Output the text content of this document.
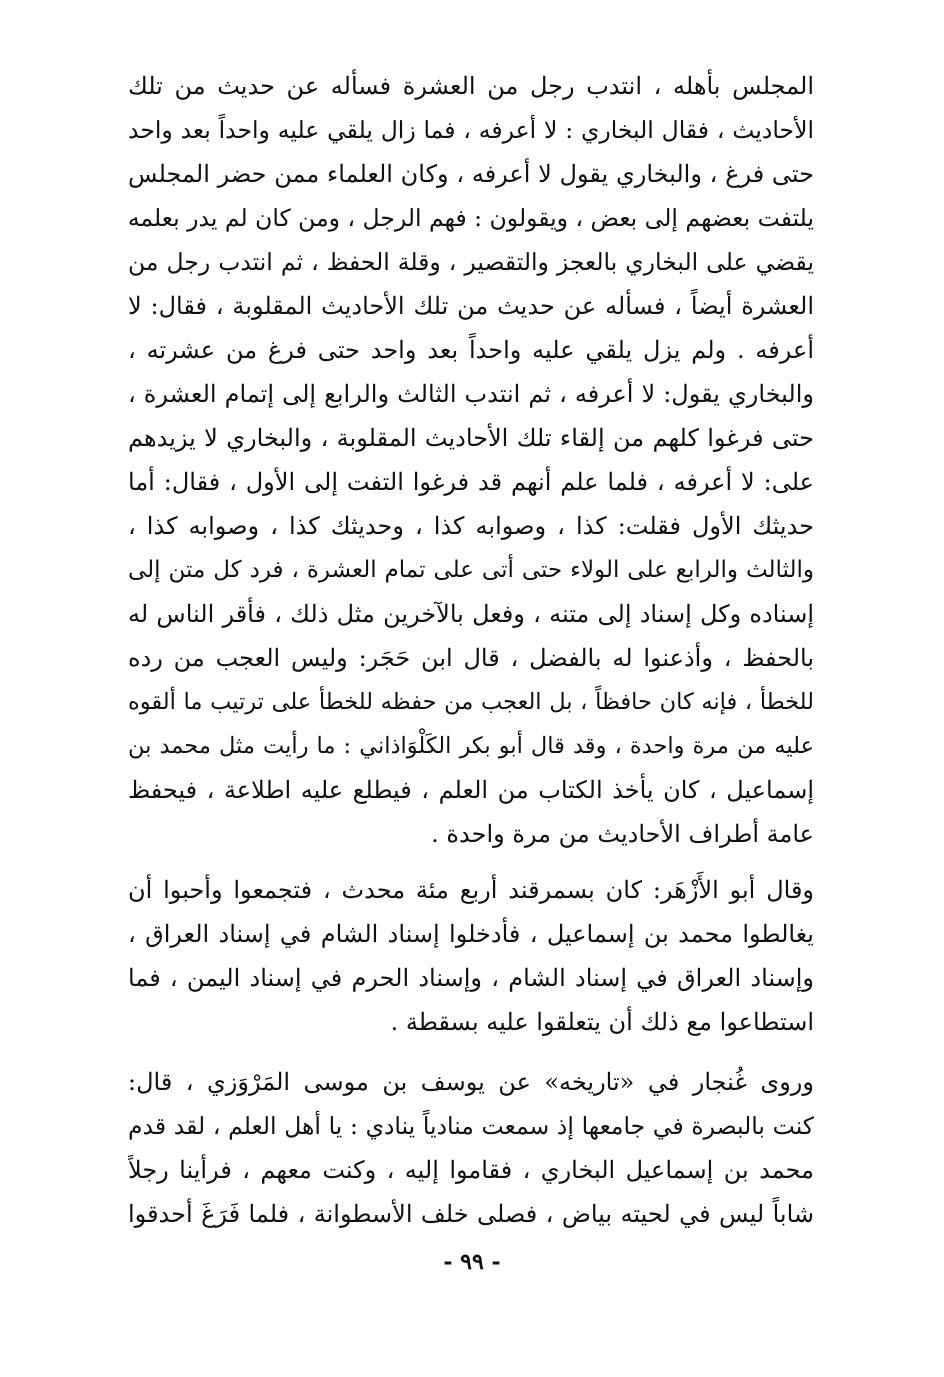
المجلس بأهله ، انتدب رجل من العشرة فسأله عن حديث من تلك
الأحاديث ، فقال البخاري : لا أعرفه ، فما زال يلقي عليه واحداً بعد واحد
حتى فرغ ، والبخاري يقول لا أعرفه ، وكان العلماء ممن حضر المجلس
يلتفت بعضهم إلى بعض ، ويقولون : فهم الرجل ، ومن كان لم يدر بعلمه
يقضي على البخاري بالعجز والتقصير ، وقلة الحفظ ، ثم انتدب رجل من
العشرة أيضاً ، فسأله عن حديث من تلك الأحاديث المقلوبة ، فقال: لا
أعرفه . ولم يزل يلقي عليه واحداً بعد واحد حتى فرغ من عشرته ،
والبخاري يقول: لا أعرفه ، ثم انتدب الثالث والرابع إلى إتمام العشرة ،
حتى فرغوا كلهم من إلقاء تلك الأحاديث المقلوبة ، والبخاري لا يزيدهم
على: لا أعرفه ، فلما علم أنهم قد فرغوا التفت إلى الأول ، فقال: أما
حديثك الأول فقلت: كذا ، وصوابه كذا ، وحديثك كذا ، وصوابه كذا ،
والثالث والرابع على الولاء حتى أتى على تمام العشرة ، فرد كل متن إلى
إسناده وكل إسناد إلى متنه ، وفعل بالآخرين مثل ذلك ، فأقر الناس له
بالحفظ ، وأذعنوا له بالفضل ، قال ابن حَجَر: وليس العجب من رده
للخطأ ، فإنه كان حافظاً ، بل العجب من حفظه للخطأ على ترتيب ما ألقوه
عليه من مرة واحدة ، وقد قال أبو بكر الكَلْوَاذاني : ما رأيت مثل محمد بن
إسماعيل ، كان يأخذ الكتاب من العلم ، فيطلع عليه اطلاعة ، فيحفظ
عامة أطراف الأحاديث من مرة واحدة .
وقال أبو الأَزْهَر: كان بسمرقند أربع مئة محدث ، فتجمعوا وأحبوا أن
يغالطوا محمد بن إسماعيل ، فأدخلوا إسناد الشام في إسناد العراق ،
وإسناد العراق في إسناد الشام ، وإسناد الحرم في إسناد اليمن ، فما
استطاعوا مع ذلك أن يتعلقوا عليه بسقطة .
وروى غُنجار في «تاريخه» عن يوسف بن موسى المَرْوَزي ، قال:
كنت بالبصرة في جامعها إذ سمعت منادياً ينادي : يا أهل العلم ، لقد قدم
محمد بن إسماعيل البخاري ، فقاموا إليه ، وكنت معهم ، فرأينا رجلاً
شاباً ليس في لحيته بياض ، فصلى خلف الأسطوانة ، فلما فَرَغَ أحدقوا
- ٩٩ -
